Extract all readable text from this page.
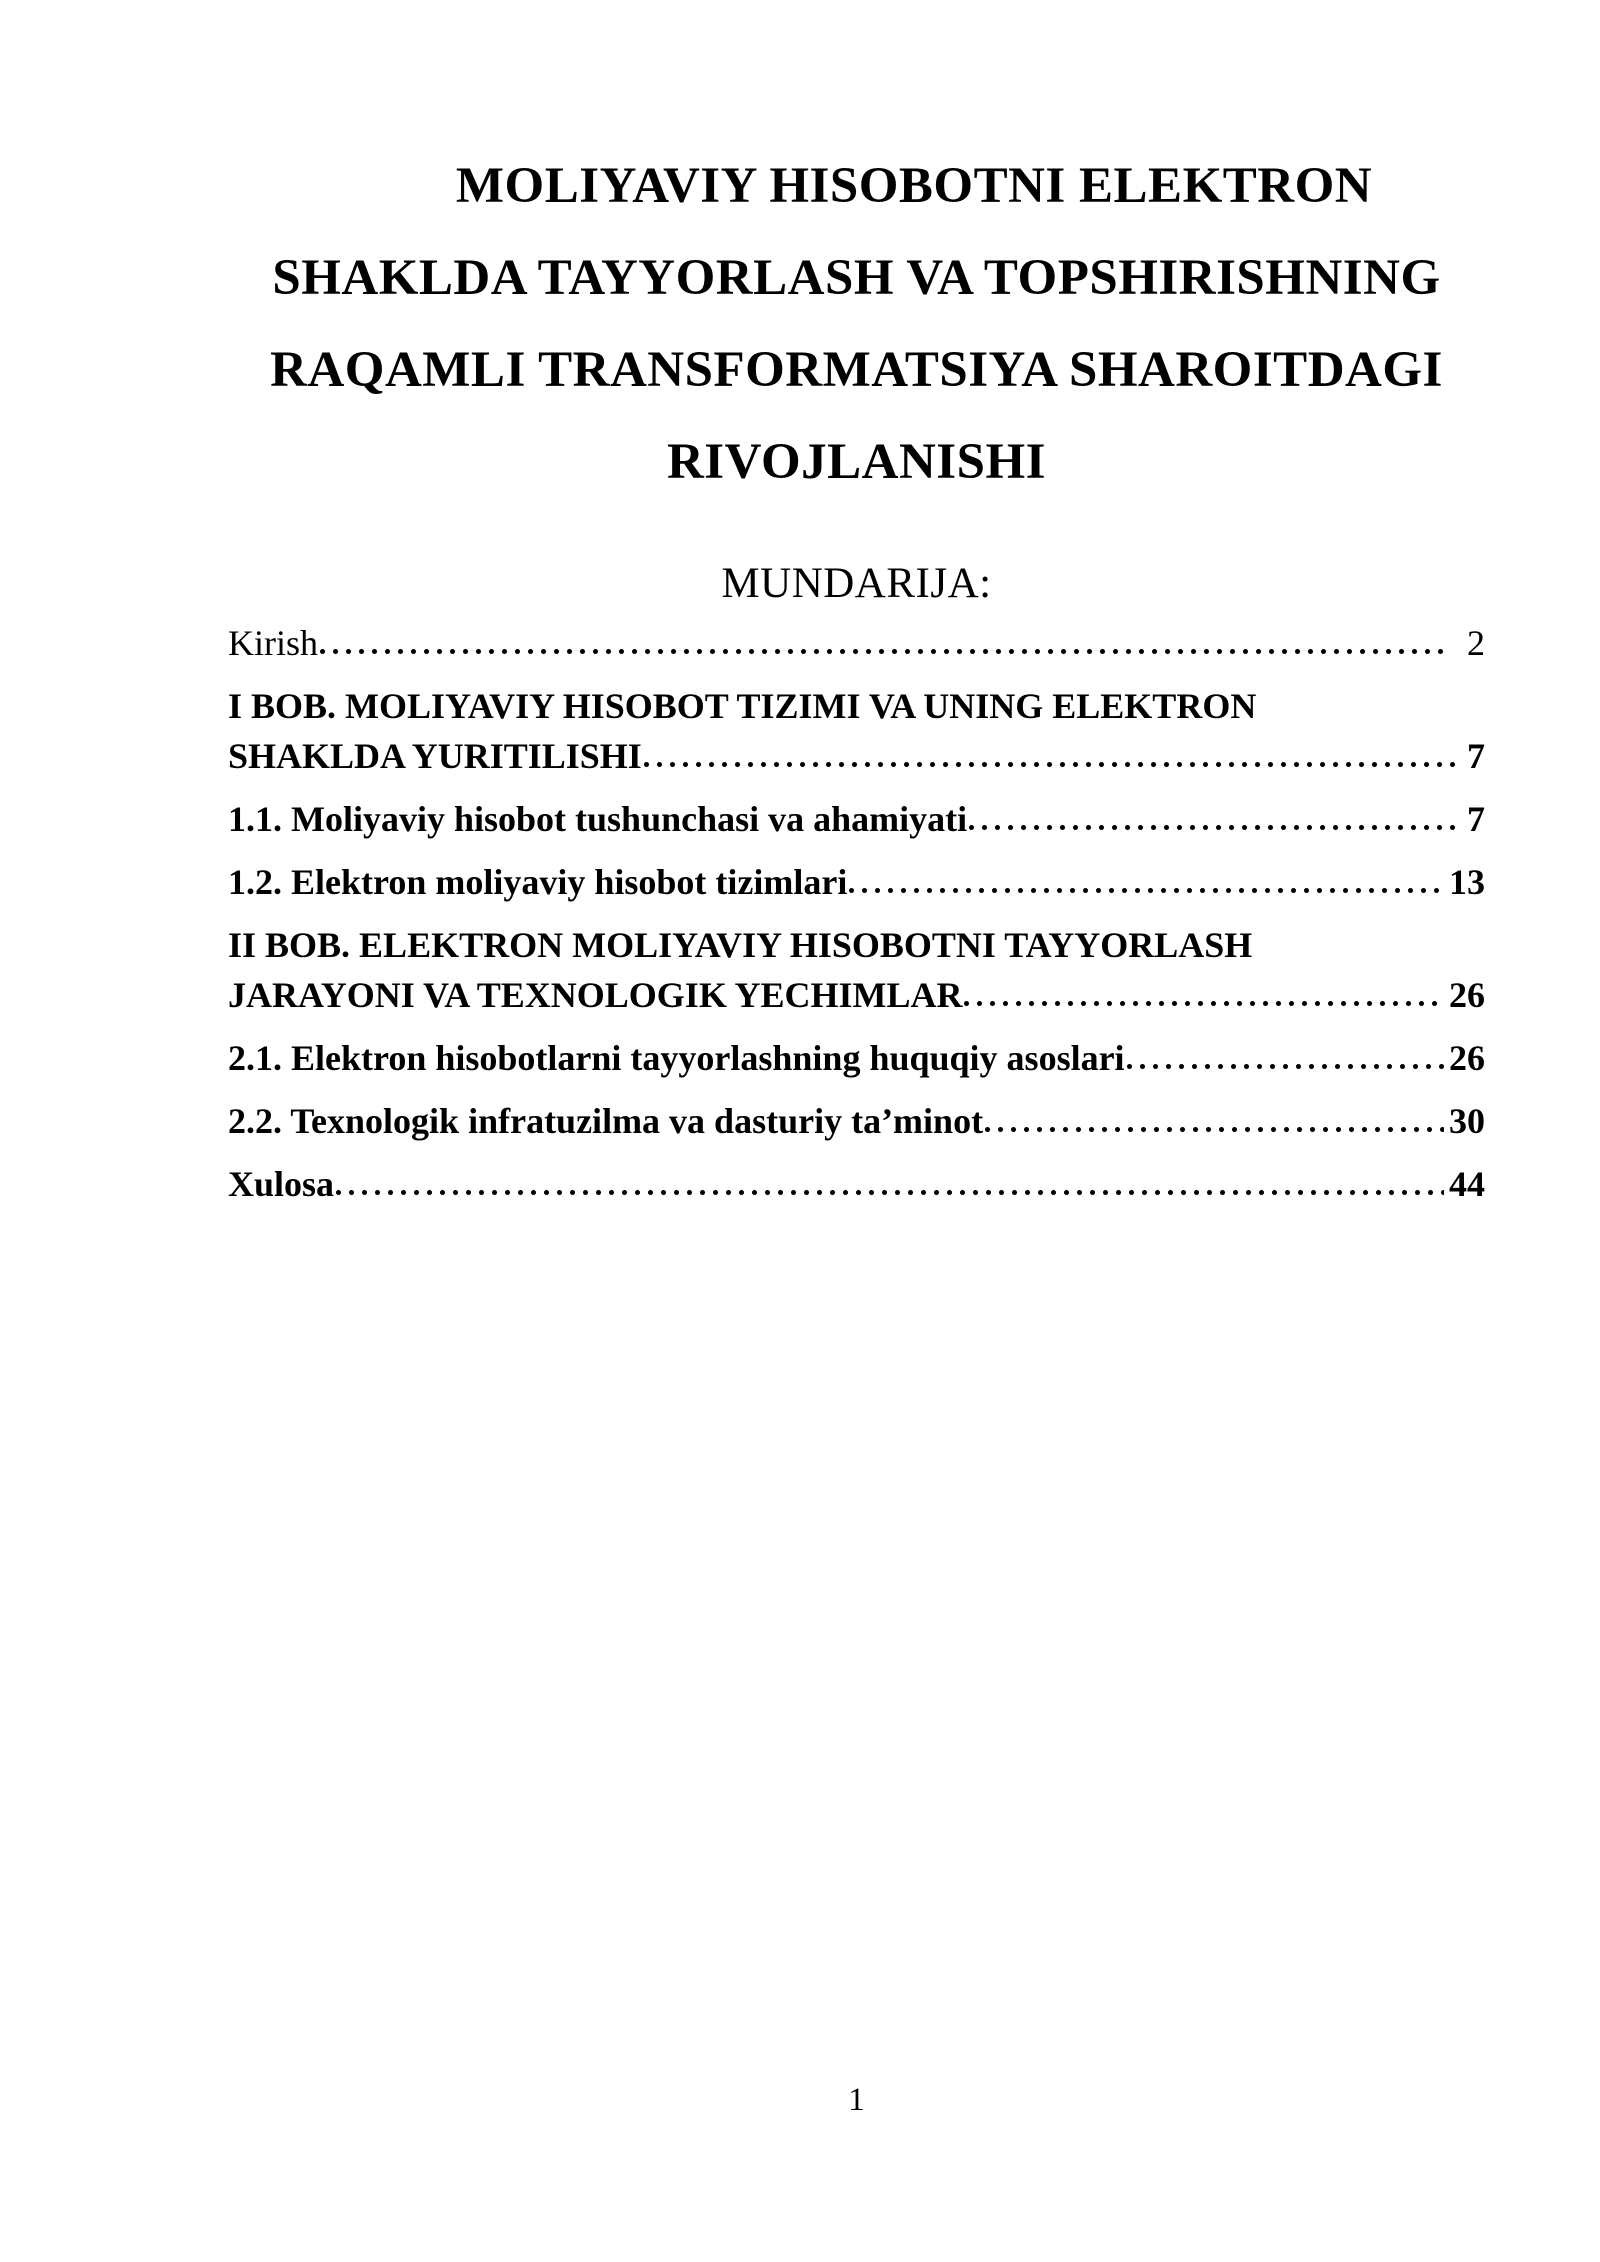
MOLIYAVIY HISOBOTNI ELEKTRON
SHAKLDA TAYYORLASH VA TOPSHIRISHNING
RAQAMLI TRANSFORMATSIYA SHAROITDAGI
RIVOJLANISHI
MUNDARIJA:
Kirish	2
I BOB. MOLIYAVIY HISOBOT TIZIMI VA UNING ELEKTRON
SHAKLDA YURITILISHI	7
1.1. Moliyaviy hisobot tushunchasi va ahamiyati	7
1.2. Elektron moliyaviy hisobot tizimlari	13
II BOB. ELEKTRON MOLIYAVIY HISOBOTNI TAYYORLASH
JARAYONI VA TEXNOLOGIK YECHIMLAR	26
2.1. Elektron hisobotlarni tayyorlashning huquqiy asoslari	26
2.2. Texnologik infratuzilma va dasturiy ta’minot	30
Xulosa	44
1
